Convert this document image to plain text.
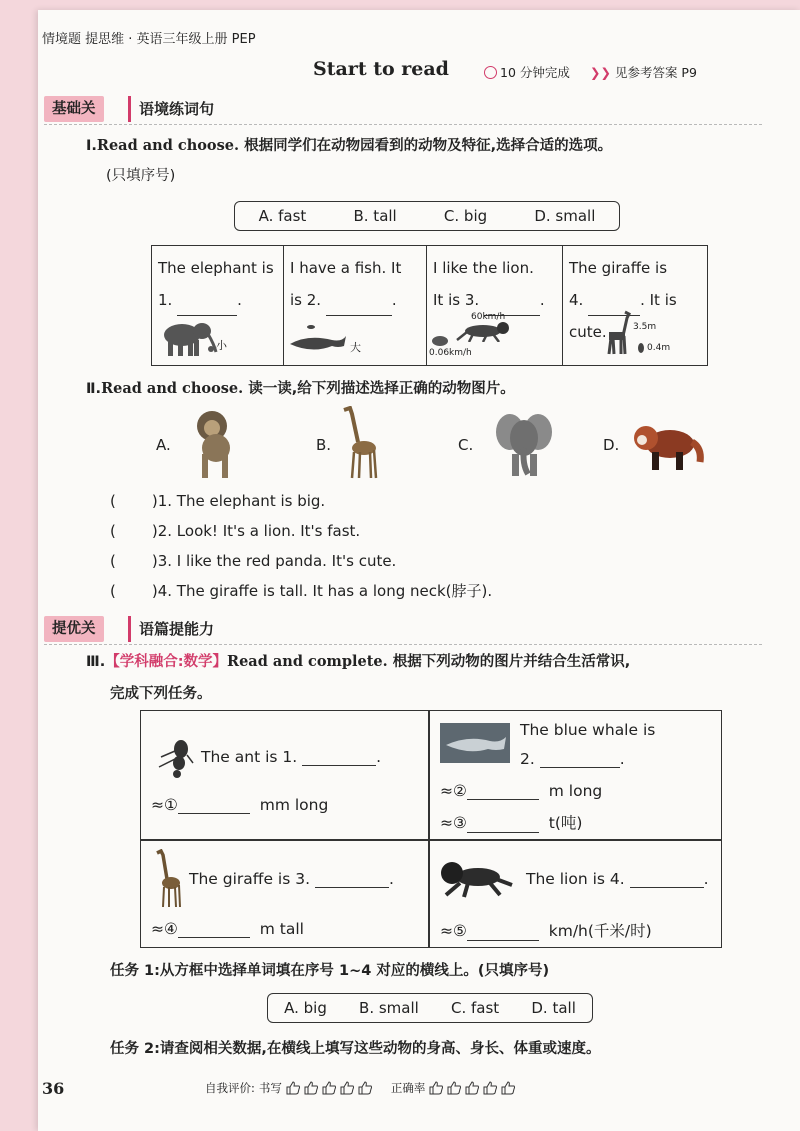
情境题 提思维 · 英语三年级上册 PEP
Start to read	10 分钟完成 ❯❯ 见参考答案 P9
基础关	语境练词句
Ⅰ.Read and choose. 根据同学们在动物园看到的动物及特征,选择合适的选项。
(只填序号)
A. fast	B. tall	C. big	D. small
The elephant is
1.	.
小
I have a fish. It
is 2.	.
大
I like the lion.
It is 3.	.
60km/h
0.06km/h
The giraffe is
4.	. It is
cute.	3.5m
0.4m
Ⅱ.Read and choose. 读一读,给下列描述选择正确的动物图片。
A.	B.	C.	D.
( )1. The elephant is big.
( )2. Look! It's a lion. It's fast.
( )3. I like the red panda. It's cute.
( )4. The giraffe is tall. It has a long neck(脖子).
提优关	语篇提能力
Ⅲ.【学科融合:数学】Read and complete. 根据下列动物的图片并结合生活常识,
完成下列任务。
The ant is 1.	.
≈①	mm long
The blue whale is
2.	.
≈②	m long
≈③	t(吨)
The giraffe is 3.	.
≈④	m tall
The lion is 4.	.
≈⑤	km/h(千米/时)
任务 1:从方框中选择单词填在序号 1~4 对应的横线上。(只填序号)
A. big B. small C. fast D. tall
任务 2:请查阅相关数据,在横线上填写这些动物的身高、身长、体重或速度。
36	自我评价: 书写	正确率
